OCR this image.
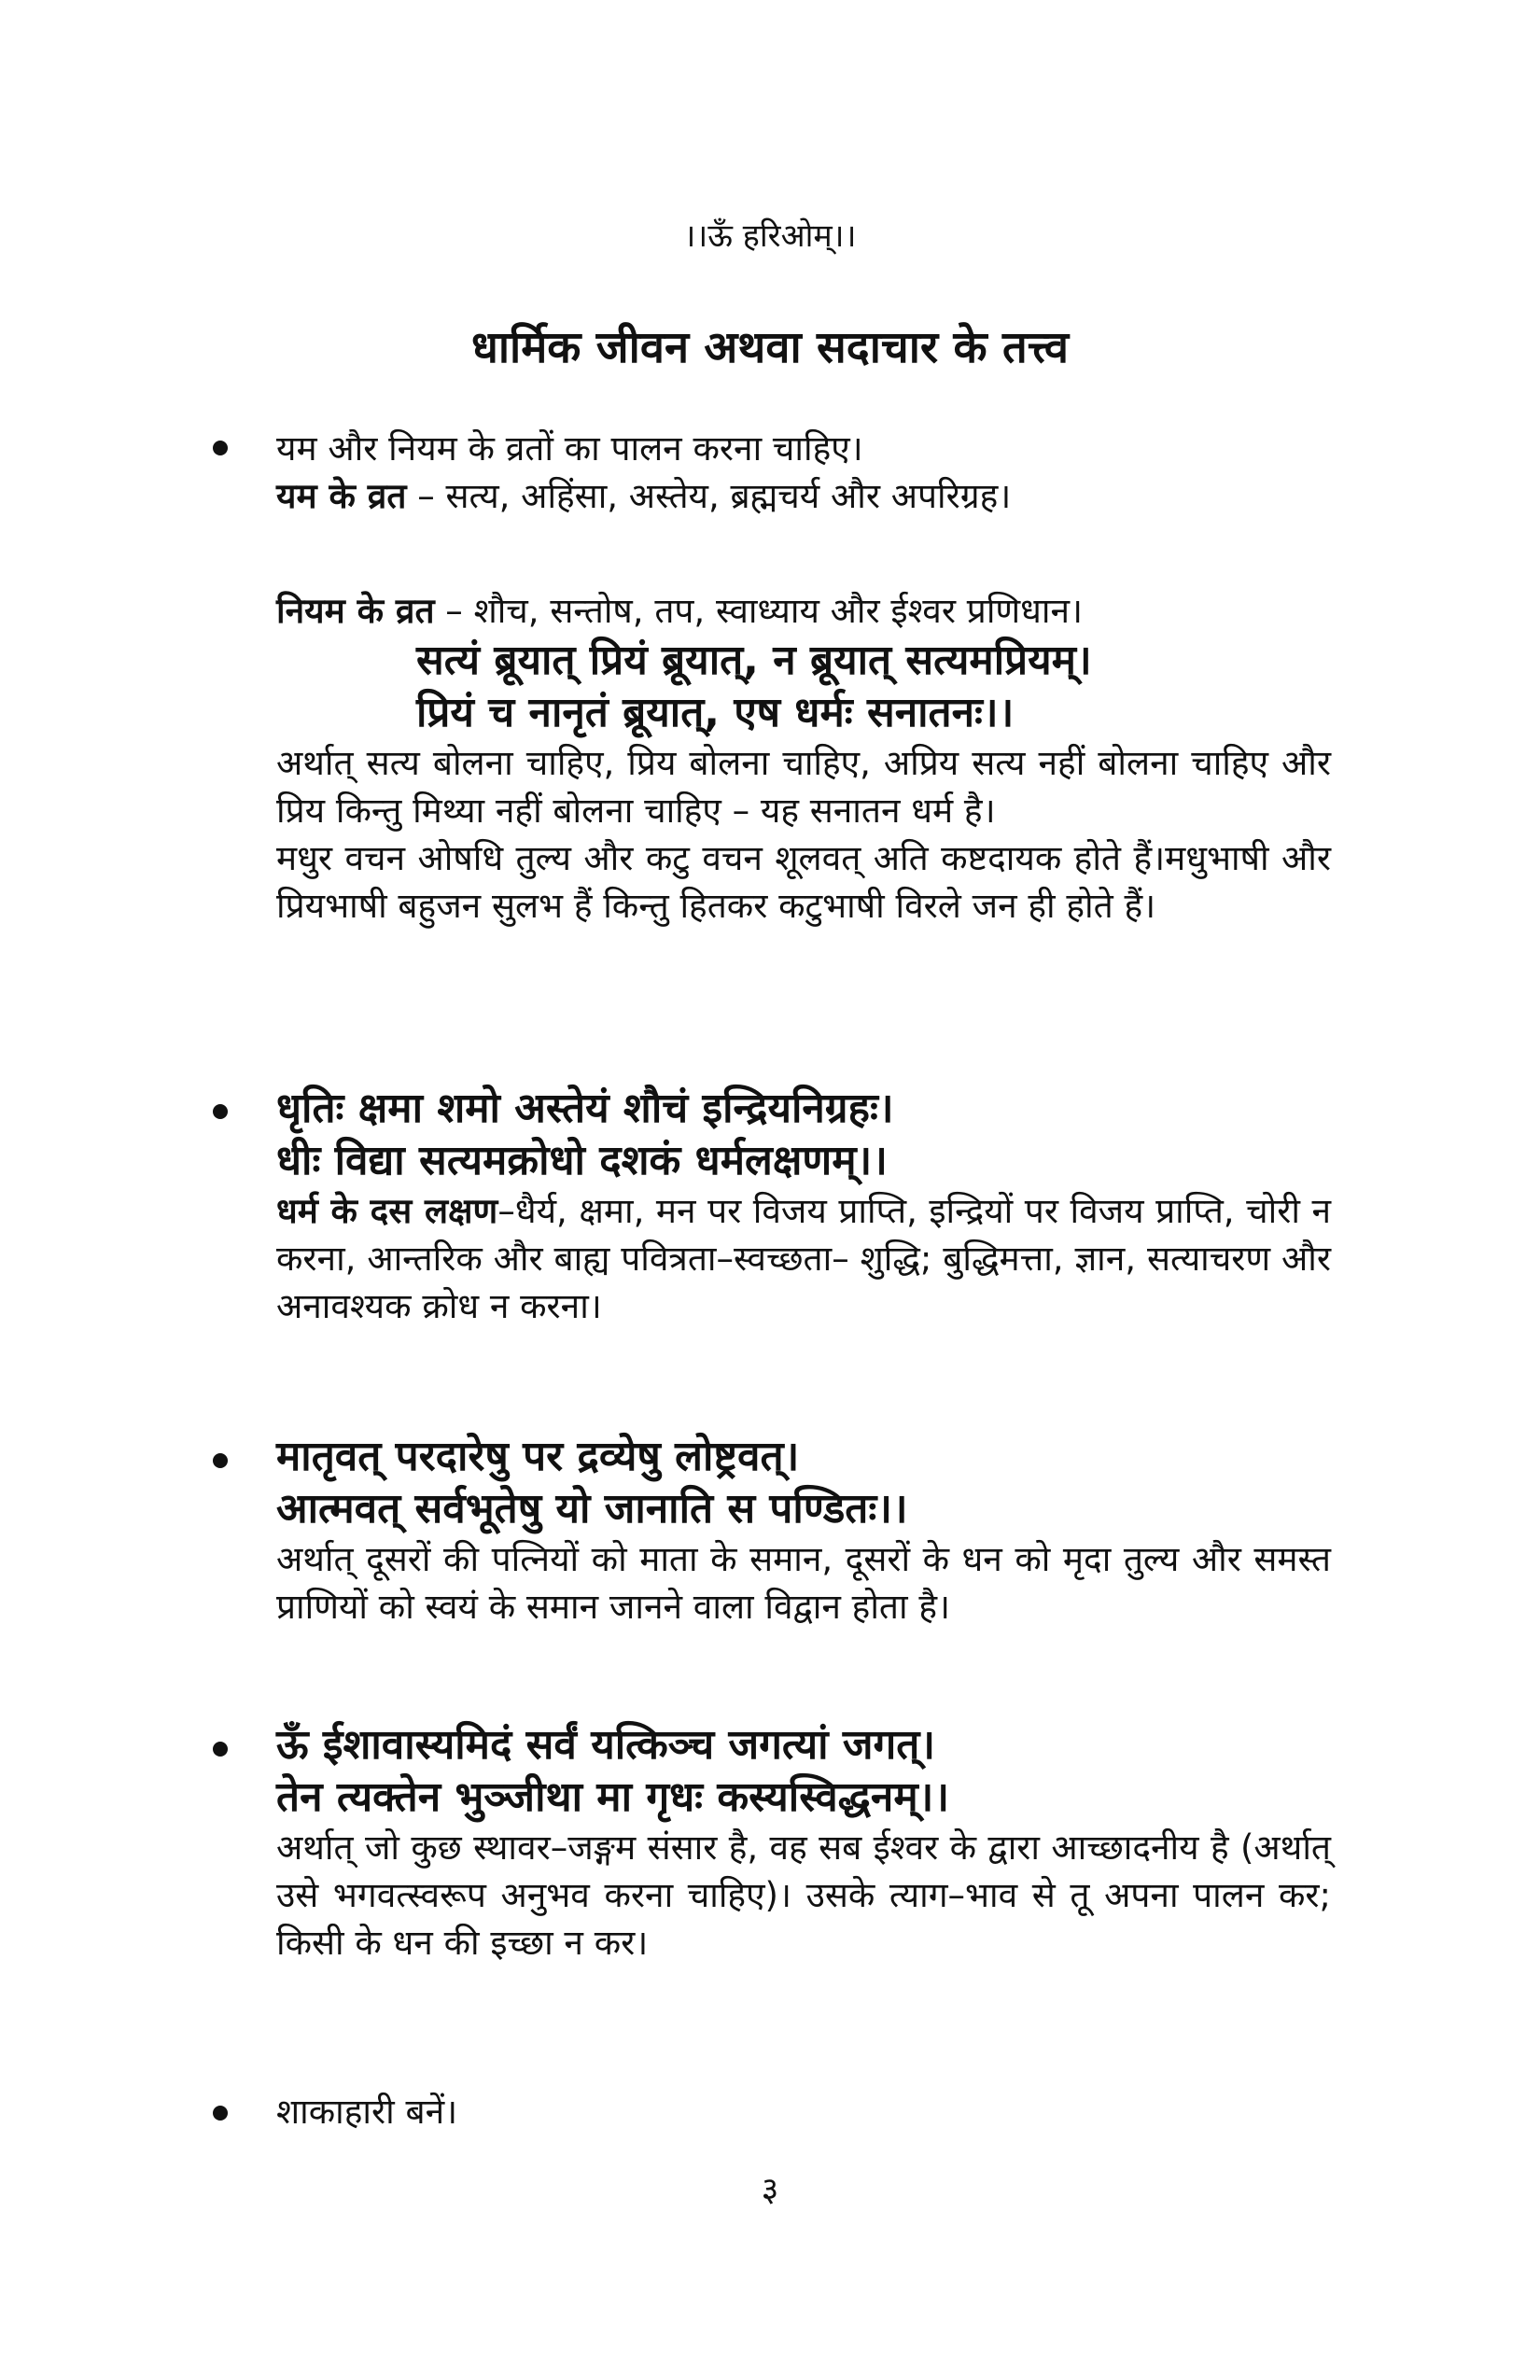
।।ऊँ हरिओम्।।
धार्मिक जीवन अथवा सदाचार के तत्त्व
यम और नियम के व्रतों का पालन करना चाहिए।
यम के व्रत – सत्य, अहिंसा, अस्तेय, ब्रह्मचर्य और अपरिग्रह।
नियम के व्रत – शौच, सन्तोष, तप, स्वाध्याय और ईश्वर प्रणिधान।
सत्यं ब्रूयात् प्रियं ब्रूयात्, न ब्रूयात् सत्यमप्रियम्।
प्रियं च नानृतं ब्रूयात्, एष धर्मः सनातनः।।
अर्थात् सत्य बोलना चाहिए, प्रिय बोलना चाहिए, अप्रिय सत्य नहीं बोलना चाहिए और प्रिय किन्तु मिथ्या नहीं बोलना चाहिए – यह सनातन धर्म है।
मधुर वचन ओषधि तुल्य और कटु वचन शूलवत् अति कष्टदायक होते हैं।मधुभाषी और प्रियभाषी बहुजन सुलभ हैं किन्तु हितकर कटुभाषी विरले जन ही होते हैं।
धृतिः क्षमा शमो अस्तेयं शौचं इन्द्रियनिग्रहः।
धीः विद्या सत्यमक्रोधो दशकं धर्मलक्षणम्।।
धर्म के दस लक्षण–धैर्य, क्षमा, मन पर विजय प्राप्ति, इन्द्रियों पर विजय प्राप्ति, चोरी न करना, आन्तरिक और बाह्य पवित्रता–स्वच्छता– शुद्धि; बुद्धिमत्ता, ज्ञान, सत्याचरण और अनावश्यक क्रोध न करना।
मातृवत् परदारेषु पर द्रव्येषु लोष्ट्रवत्।
आत्मवत् सर्वभूतेषु यो जानाति स पण्डितः।।
अर्थात् दूसरों की पत्नियों को माता के समान, दूसरों के धन को मृदा तुल्य और समस्त प्राणियों को स्वयं के समान जानने वाला विद्वान होता है।
ऊँ ईशावास्यमिदं सर्वं यत्किञ्च जगत्यां जगत्।
तेन त्यक्तेन भुञ्जीथा मा गृधः कस्यस्विद्धनम्।।
अर्थात् जो कुछ स्थावर–जङ्गम संसार है, वह सब ईश्वर के द्वारा आच्छादनीय है (अर्थात् उसे भगवत्स्वरूप अनुभव करना चाहिए)। उसके त्याग–भाव से तू अपना पालन कर; किसी के धन की इच्छा न कर।
शाकाहारी बनें।
३
